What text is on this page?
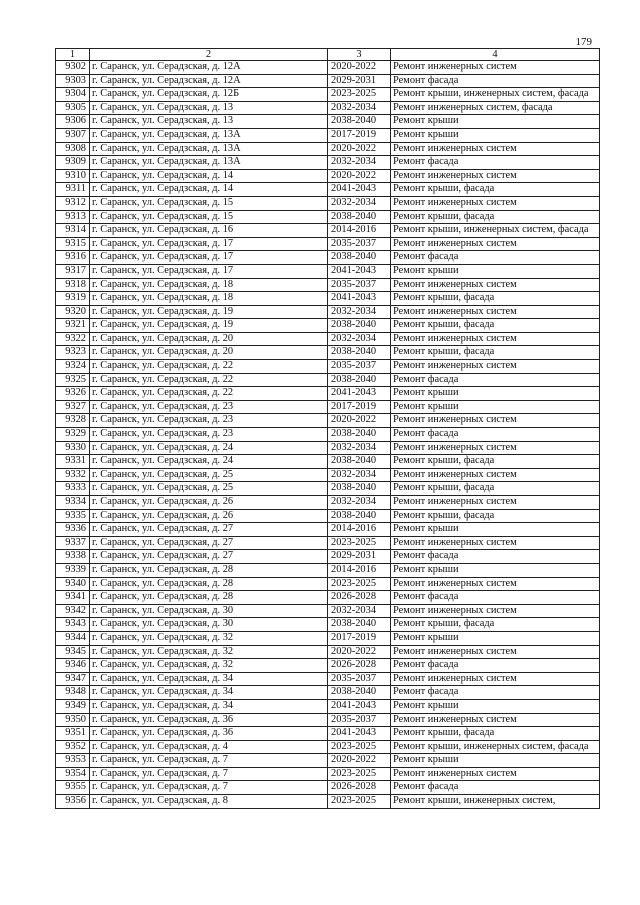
179
1	2	3	4
9302	г. Саранск, ул. Серадзская, д. 12А	2020-2022	Ремонт инженерных систем
9303	г. Саранск, ул. Серадзская, д. 12А	2029-2031	Ремонт фасада
9304	г. Саранск, ул. Серадзская, д. 12Б	2023-2025	Ремонт крыши, инженерных систем, фасада
9305	г. Саранск, ул. Серадзская, д. 13	2032-2034	Ремонт инженерных систем, фасада
9306	г. Саранск, ул. Серадзская, д. 13	2038-2040	Ремонт крыши
9307	г. Саранск, ул. Серадзская, д. 13А	2017-2019	Ремонт крыши
9308	г. Саранск, ул. Серадзская, д. 13А	2020-2022	Ремонт инженерных систем
9309	г. Саранск, ул. Серадзская, д. 13А	2032-2034	Ремонт фасада
9310	г. Саранск, ул. Серадзская, д. 14	2020-2022	Ремонт инженерных систем
9311	г. Саранск, ул. Серадзская, д. 14	2041-2043	Ремонт крыши, фасада
9312	г. Саранск, ул. Серадзская, д. 15	2032-2034	Ремонт инженерных систем
9313	г. Саранск, ул. Серадзская, д. 15	2038-2040	Ремонт крыши, фасада
9314	г. Саранск, ул. Серадзская, д. 16	2014-2016	Ремонт крыши, инженерных систем, фасада
9315	г. Саранск, ул. Серадзская, д. 17	2035-2037	Ремонт инженерных систем
9316	г. Саранск, ул. Серадзская, д. 17	2038-2040	Ремонт фасада
9317	г. Саранск, ул. Серадзская, д. 17	2041-2043	Ремонт крыши
9318	г. Саранск, ул. Серадзская, д. 18	2035-2037	Ремонт инженерных систем
9319	г. Саранск, ул. Серадзская, д. 18	2041-2043	Ремонт крыши, фасада
9320	г. Саранск, ул. Серадзская, д. 19	2032-2034	Ремонт инженерных систем
9321	г. Саранск, ул. Серадзская, д. 19	2038-2040	Ремонт крыши, фасада
9322	г. Саранск, ул. Серадзская, д. 20	2032-2034	Ремонт инженерных систем
9323	г. Саранск, ул. Серадзская, д. 20	2038-2040	Ремонт крыши, фасада
9324	г. Саранск, ул. Серадзская, д. 22	2035-2037	Ремонт инженерных систем
9325	г. Саранск, ул. Серадзская, д. 22	2038-2040	Ремонт фасада
9326	г. Саранск, ул. Серадзская, д. 22	2041-2043	Ремонт крыши
9327	г. Саранск, ул. Серадзская, д. 23	2017-2019	Ремонт крыши
9328	г. Саранск, ул. Серадзская, д. 23	2020-2022	Ремонт инженерных систем
9329	г. Саранск, ул. Серадзская, д. 23	2038-2040	Ремонт фасада
9330	г. Саранск, ул. Серадзская, д. 24	2032-2034	Ремонт инженерных систем
9331	г. Саранск, ул. Серадзская, д. 24	2038-2040	Ремонт крыши, фасада
9332	г. Саранск, ул. Серадзская, д. 25	2032-2034	Ремонт инженерных систем
9333	г. Саранск, ул. Серадзская, д. 25	2038-2040	Ремонт крыши, фасада
9334	г. Саранск, ул. Серадзская, д. 26	2032-2034	Ремонт инженерных систем
9335	г. Саранск, ул. Серадзская, д. 26	2038-2040	Ремонт крыши, фасада
9336	г. Саранск, ул. Серадзская, д. 27	2014-2016	Ремонт крыши
9337	г. Саранск, ул. Серадзская, д. 27	2023-2025	Ремонт инженерных систем
9338	г. Саранск, ул. Серадзская, д. 27	2029-2031	Ремонт фасада
9339	г. Саранск, ул. Серадзская, д. 28	2014-2016	Ремонт крыши
9340	г. Саранск, ул. Серадзская, д. 28	2023-2025	Ремонт инженерных систем
9341	г. Саранск, ул. Серадзская, д. 28	2026-2028	Ремонт фасада
9342	г. Саранск, ул. Серадзская, д. 30	2032-2034	Ремонт инженерных систем
9343	г. Саранск, ул. Серадзская, д. 30	2038-2040	Ремонт крыши, фасада
9344	г. Саранск, ул. Серадзская, д. 32	2017-2019	Ремонт крыши
9345	г. Саранск, ул. Серадзская, д. 32	2020-2022	Ремонт инженерных систем
9346	г. Саранск, ул. Серадзская, д. 32	2026-2028	Ремонт фасада
9347	г. Саранск, ул. Серадзская, д. 34	2035-2037	Ремонт инженерных систем
9348	г. Саранск, ул. Серадзская, д. 34	2038-2040	Ремонт фасада
9349	г. Саранск, ул. Серадзская, д. 34	2041-2043	Ремонт крыши
9350	г. Саранск, ул. Серадзская, д. 36	2035-2037	Ремонт инженерных систем
9351	г. Саранск, ул. Серадзская, д. 36	2041-2043	Ремонт крыши, фасада
9352	г. Саранск, ул. Серадзская, д. 4	2023-2025	Ремонт крыши, инженерных систем, фасада
9353	г. Саранск, ул. Серадзская, д. 7	2020-2022	Ремонт крыши
9354	г. Саранск, ул. Серадзская, д. 7	2023-2025	Ремонт инженерных систем
9355	г. Саранск, ул. Серадзская, д. 7	2026-2028	Ремонт фасада
9356	г. Саранск, ул. Серадзская, д. 8	2023-2025	Ремонт крыши, инженерных систем,
